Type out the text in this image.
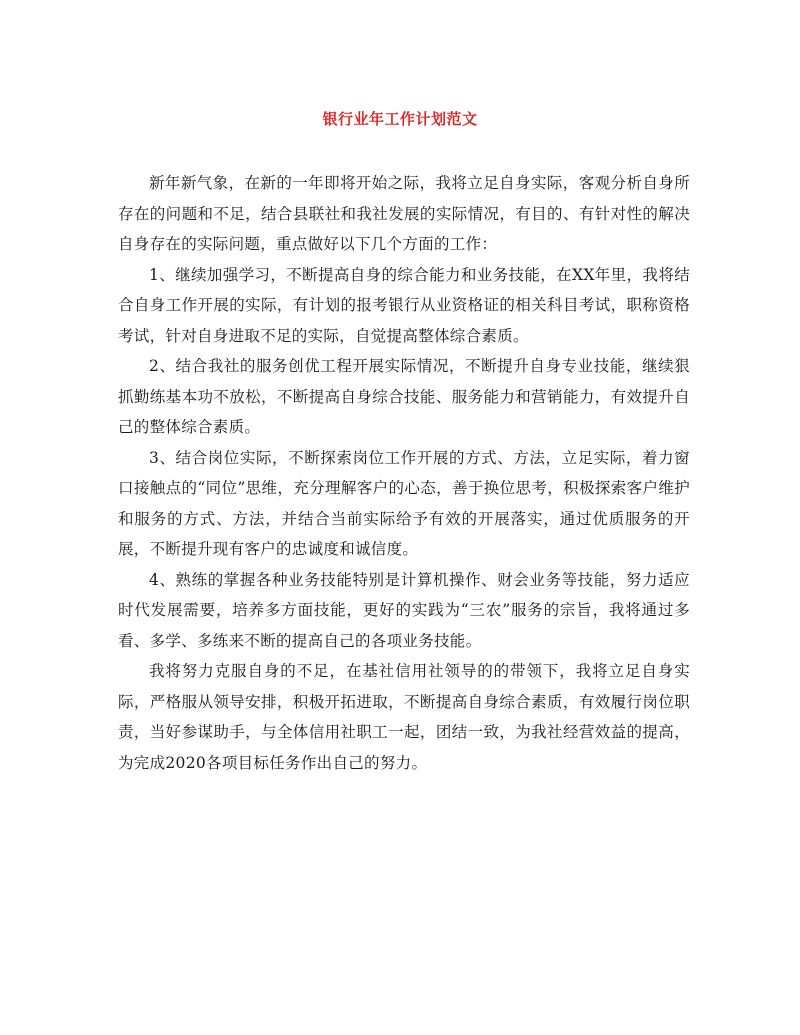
银行业年工作计划范文

新年新气象，在新的一年即将开始之际，我将立足自身实际，客观分析自身所存在的问题和不足，结合县联社和我社发展的实际情况，有目的、有针对性的解决自身存在的实际问题，重点做好以下几个方面的工作：

1、继续加强学习，不断提高自身的综合能力和业务技能，在XX年里，我将结合自身工作开展的实际，有计划的报考银行从业资格证的相关科目考试，职称资格考试，针对自身进取不足的实际，自觉提高整体综合素质。

2、结合我社的服务创优工程开展实际情况，不断提升自身专业技能，继续狠抓勤练基本功不放松，不断提高自身综合技能、服务能力和营销能力，有效提升自己的整体综合素质。

3、结合岗位实际，不断探索岗位工作开展的方式、方法，立足实际，着力窗口接触点的“同位”思维，充分理解客户的心态，善于换位思考，积极探索客户维护和服务的方式、方法，并结合当前实际给予有效的开展落实，通过优质服务的开展，不断提升现有客户的忠诚度和诚信度。

4、熟练的掌握各种业务技能特别是计算机操作、财会业务等技能，努力适应时代发展需要，培养多方面技能，更好的实践为“三农”服务的宗旨，我将通过多看、多学、多练来不断的提高自己的各项业务技能。

我将努力克服自身的不足，在基社信用社领导的的带领下，我将立足自身实际，严格服从领导安排，积极开拓进取，不断提高自身综合素质，有效履行岗位职责，当好参谋助手，与全体信用社职工一起，团结一致，为我社经营效益的提高，为完成2020各项目标任务作出自己的努力。
